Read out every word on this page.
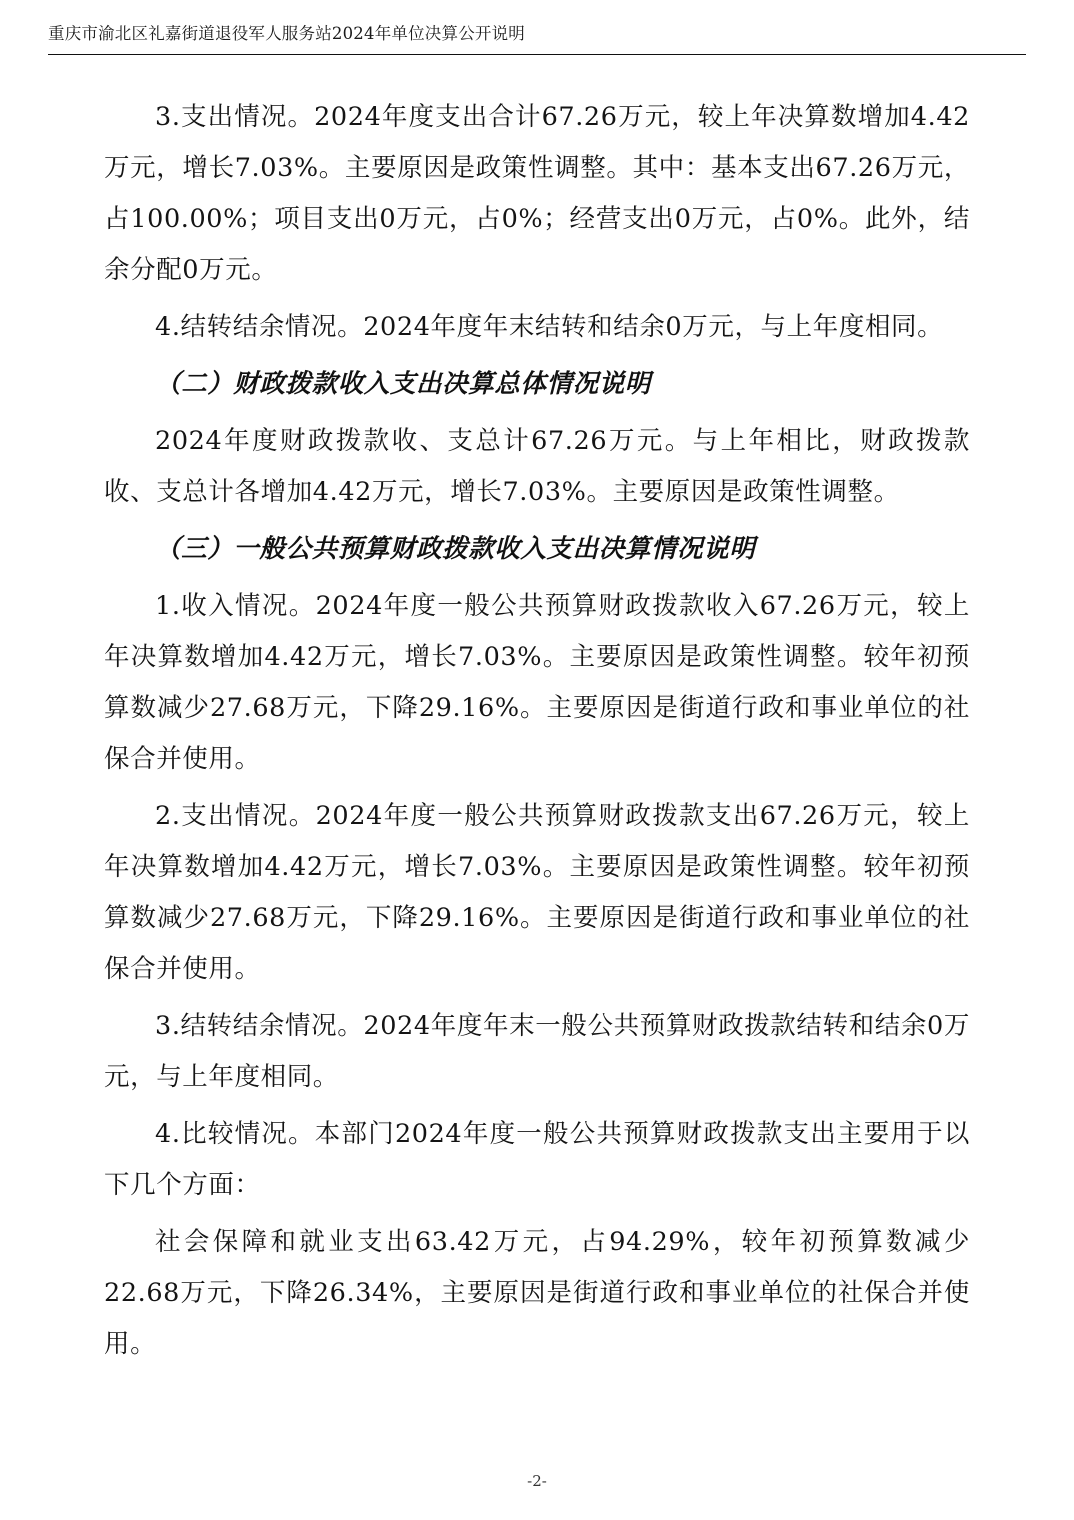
重庆市渝北区礼嘉街道退役军人服务站2024年单位决算公开说明

3.支出情况。2024年度支出合计67.26万元，较上年决算数增加4.42万元，增长7.03%。主要原因是政策性调整。其中：基本支出67.26万元，占100.00%；项目支出0万元，占0%；经营支出0万元，占0%。此外，结余分配0万元。

4.结转结余情况。2024年度年末结转和结余0万元，与上年度相同。

（二）财政拨款收入支出决算总体情况说明

2024年度财政拨款收、支总计67.26万元。与上年相比，财政拨款收、支总计各增加4.42万元，增长7.03%。主要原因是政策性调整。

（三）一般公共预算财政拨款收入支出决算情况说明

1.收入情况。2024年度一般公共预算财政拨款收入67.26万元，较上年决算数增加4.42万元，增长7.03%。主要原因是政策性调整。较年初预算数减少27.68万元，下降29.16%。主要原因是街道行政和事业单位的社保合并使用。

2.支出情况。2024年度一般公共预算财政拨款支出67.26万元，较上年决算数增加4.42万元，增长7.03%。主要原因是政策性调整。较年初预算数减少27.68万元，下降29.16%。主要原因是街道行政和事业单位的社保合并使用。

3.结转结余情况。2024年度年末一般公共预算财政拨款结转和结余0万元，与上年度相同。

4.比较情况。本部门2024年度一般公共预算财政拨款支出主要用于以下几个方面：

社会保障和就业支出63.42万元，占94.29%，较年初预算数减少22.68万元，下降26.34%，主要原因是街道行政和事业单位的社保合并使用。

-2-
